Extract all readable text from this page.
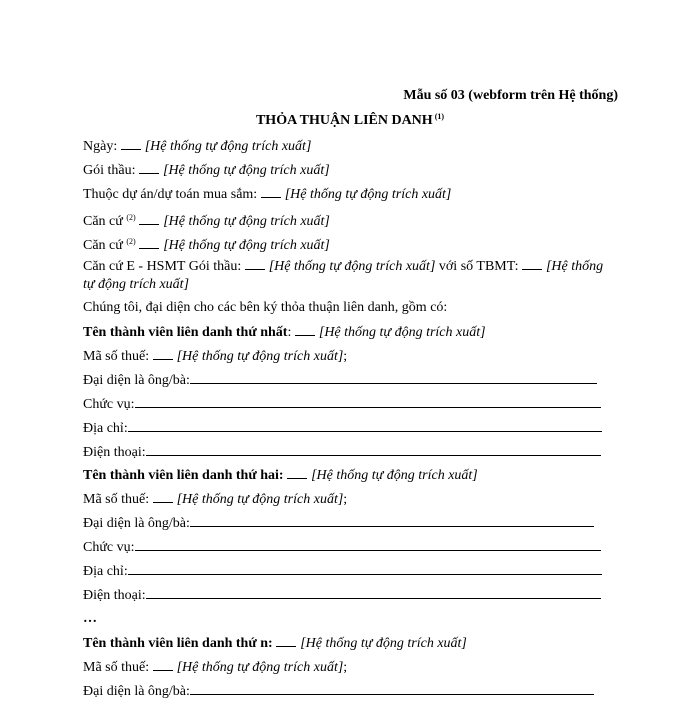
Mẫu số 03 (webform trên Hệ thống)
THỎA THUẬN LIÊN DANH $^{(1)}$
Ngày: [Hệ thống tự động trích xuất]
Gói thầu: [Hệ thống tự động trích xuất]
Thuộc dự án/dự toán mua sắm: [Hệ thống tự động trích xuất]
Căn cứ $^{(2)}$ [Hệ thống tự động trích xuất]
Căn cứ $^{(2)}$ [Hệ thống tự động trích xuất]
Căn cứ E - HSMT Gói thầu: [Hệ thống tự động trích xuất] với số TBMT: [Hệ thống tự động trích xuất]
Chúng tôi, đại diện cho các bên ký thỏa thuận liên danh, gồm có:
Tên thành viên liên danh thứ nhất: [Hệ thống tự động trích xuất]
Mã số thuế: [Hệ thống tự động trích xuất];
Đại diện là ông/bà:
Chức vụ:
Địa chỉ:
Điện thoại:
Tên thành viên liên danh thứ hai: [Hệ thống tự động trích xuất]
Mã số thuế: [Hệ thống tự động trích xuất];
Đại diện là ông/bà:
Chức vụ:
Địa chỉ:
Điện thoại:
…
Tên thành viên liên danh thứ n: [Hệ thống tự động trích xuất]
Mã số thuế: [Hệ thống tự động trích xuất];
Đại diện là ông/bà:
